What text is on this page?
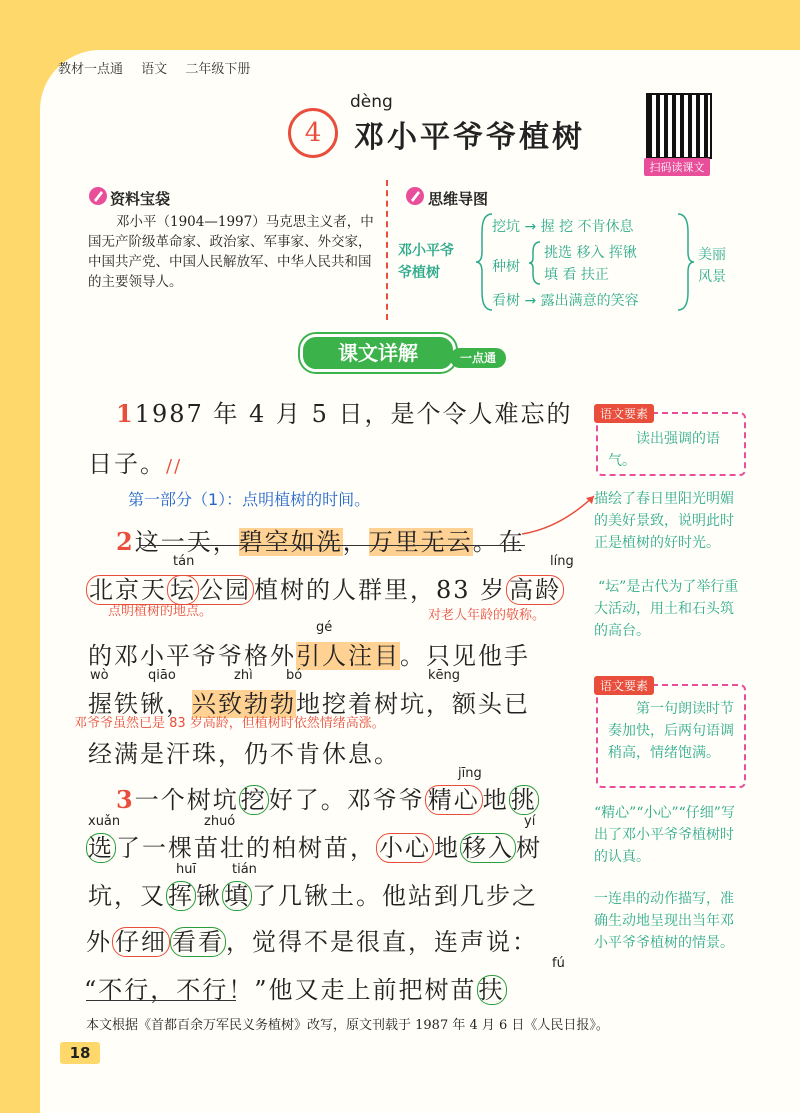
教材一点通 语文 二年级下册
4
dèng
邓小平爷爷植树
扫码读课文
资料宝袋
邓小平（1904—1997）马克思主义者，中国无产阶级革命家、政治家、军事家、外交家，中国共产党、中国人民解放军、中华人民共和国的主要领导人。
思维导图
邓小平爷
爷植树
挖坑 → 握 挖 不肯休息
种树
挑选 移入 挥锹
填 看 扶正
看树 → 露出满意的笑容
美丽
风景
课文详解	一点通
11987 年 4 月 5 日，是个令人难忘的
日子。//
第一部分（1）：点明植树的时间。
2这一天，碧空如洗，万里无云。在
tán	líng
北京天 坛 公园 植树的人群里，83 岁 高龄
点明植树的地点。	对老人年龄的敬称。
gé
的邓小平爷爷格外引人注目。只见他手
wò	qiāo	zhì	bó	kēng
握铁锹，兴致勃勃地挖着树坑，额头已
邓爷爷虽然已是 83 岁高龄，但植树时依然情绪高涨。
经满是汗珠，仍不肯休息。
jīng
3一个树坑挖好了。邓爷爷 精心 地挑
xuǎn	zhuó	yí
选了一棵苗壮的柏树苗， 小心 地移入树
huī	tián
坑，又挥锹填了几锹土。他站到几步之
外 仔细 看看，觉得不是很直，连声说：
fú
“不行，不行！”他又走上前把树苗扶
语文要素
读出强调的语气。
描绘了春日里阳光明媚的美好景致，说明此时正是植树的好时光。
“坛”是古代为了举行重大活动，用土和石头筑的高台。
语文要素
第一句朗读时节奏加快，后两句语调稍高，情绪饱满。
“精心”“小心”“仔细”写出了邓小平爷爷植树时的认真。
一连串的动作描写，准确生动地呈现出当年邓小平爷爷植树的情景。
本文根据《首都百余万军民义务植树》改写，原文刊载于 1987 年 4 月 6 日《人民日报》。
18
